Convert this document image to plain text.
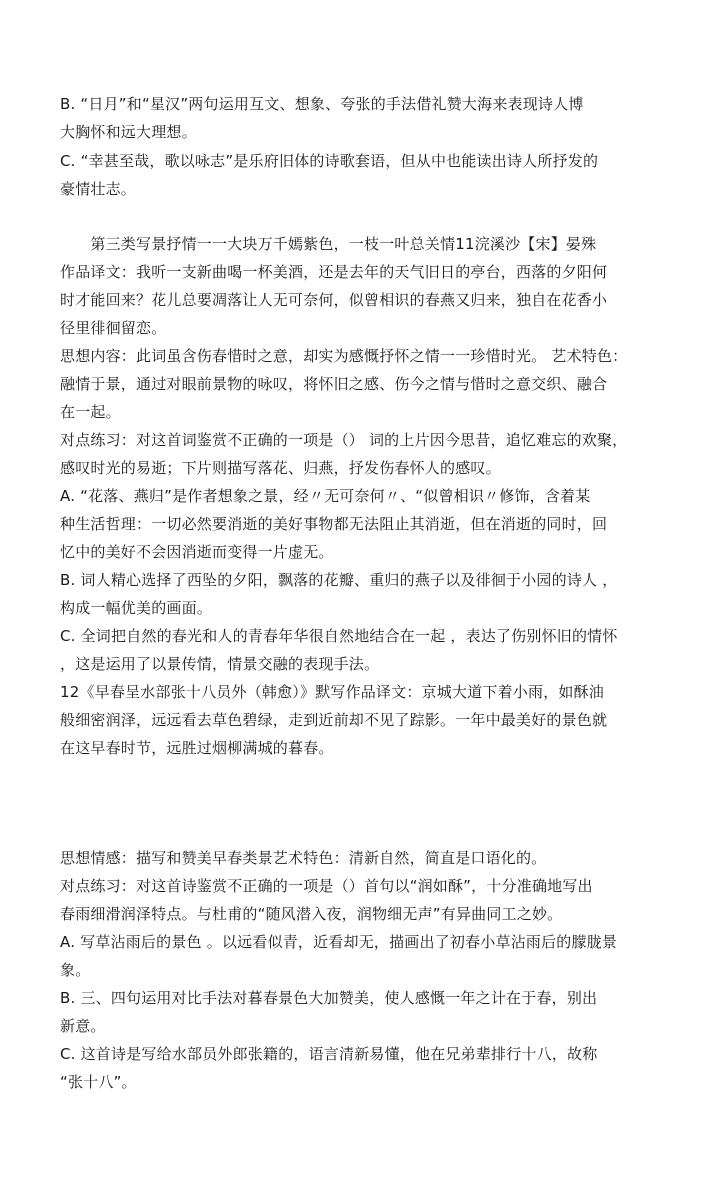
B. “日月”和“星汉”两句运用互文、想象、夸张的手法借礼赞大海来表现诗人博
大胸怀和远大理想。
C. “幸甚至哉，歌以咏志”是乐府旧体的诗歌套语，但从中也能读出诗人所抒发的
豪情壮志。
　　第三类写景抒情一一大块万千嫣紫色，一枝一叶总关情11浣溪沙【宋】晏殊
作品译文：我听一支新曲喝一杯美酒，还是去年的天气旧日的亭台，西落的夕阳何
时才能回来？花儿总要凋落让人无可奈何，似曾相识的春燕又归来，独自在花香小
径里徘徊留恋。
思想内容：此词虽含伤春惜时之意，却实为感慨抒怀之情一一珍惜时光。 艺术特色：
融情于景，通过对眼前景物的咏叹，将怀旧之感、伤今之情与惜时之意交织、融合
在一起。
对点练习：对这首词鉴赏不正确的一项是（） 词的上片因今思昔，追忆难忘的欢聚，
感叹时光的易逝；下片则描写落花、归燕，抒发伤春怀人的感叹。
A. “花落、燕归”是作者想象之景，经〃无可奈何〃、“似曾相识〃修饰，含着某
种生活哲理：一切必然要消逝的美好事物都无法阻止其消逝，但在消逝的同时，回
忆中的美好不会因消逝而变得一片虚无。
B. 词人精心选择了西坠的夕阳，飘落的花瓣、重归的燕子以及徘徊于小园的诗人 ，
构成一幅优美的画面。
C. 全词把自然的春光和人的青春年华很自然地结合在一起 ，表达了伤别怀旧的情怀
，这是运用了以景传情，情景交融的表现手法。
12《早春呈水部张十八员外（韩愈）》默写作品译文：京城大道下着小雨，如酥油
般细密润泽，远远看去草色碧绿，走到近前却不见了踪影。一年中最美好的景色就
在这早春时节，远胜过烟柳满城的暮春。
思想情感：描写和赞美早春类景艺术特色：清新自然，简直是口语化的。
对点练习：对这首诗鉴赏不正确的一项是（）首句以“润如酥”，十分准确地写出
春雨细滑润泽特点。与杜甫的“随风潜入夜，润物细无声”有异曲同工之妙。
A. 写草沾雨后的景色 。以远看似青，近看却无，描画出了初春小草沾雨后的朦胧景
象。
B. 三、四句运用对比手法对暮春景色大加赞美，使人感慨一年之计在于春，别出
新意。
C. 这首诗是写给水部员外郎张籍的，语言清新易懂，他在兄弟辈排行十八，故称
“张十八”。
